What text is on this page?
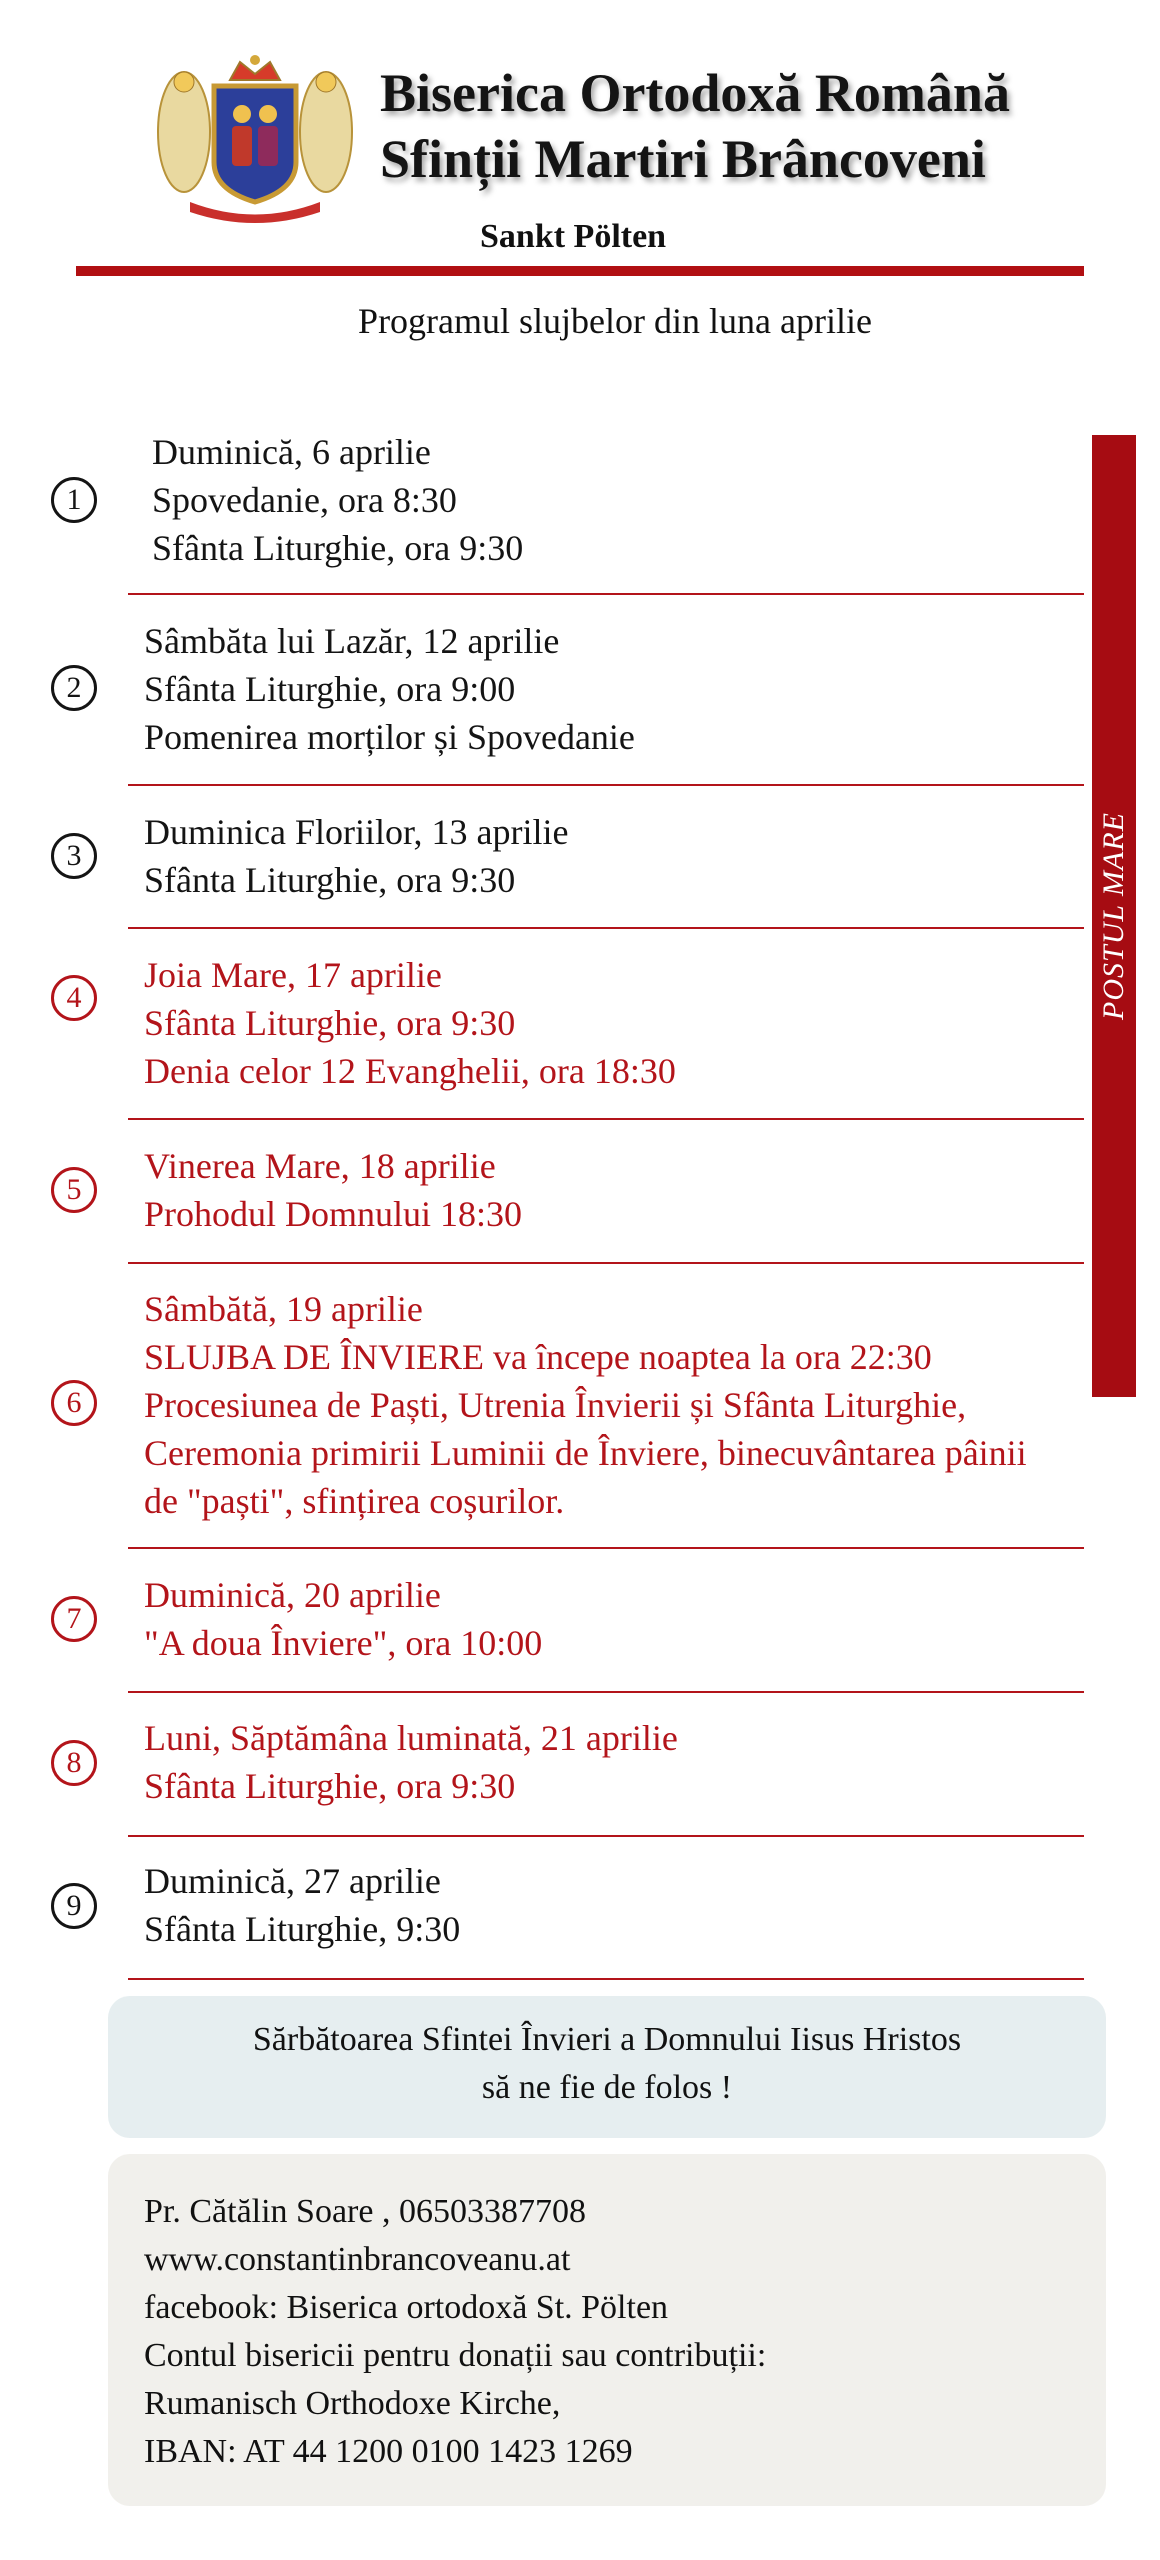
Biserica Ortodoxă Română
Sfinții Martiri Brâncoveni
Sankt Pölten
Programul slujbelor din luna aprilie
POSTUL MARE
1
Duminică, 6 aprilie
Spovedanie, ora 8:30
Sfânta Liturghie, ora 9:30
2
Sâmbăta lui Lazăr, 12 aprilie
Sfânta Liturghie, ora 9:00
Pomenirea morților și Spovedanie
3
Duminica Floriilor, 13 aprilie
Sfânta Liturghie, ora 9:30
4
Joia Mare, 17 aprilie
Sfânta Liturghie, ora 9:30
Denia celor 12 Evanghelii, ora 18:30
5
Vinerea Mare, 18 aprilie
Prohodul Domnului 18:30
6
Sâmbătă, 19 aprilie
SLUJBA DE ÎNVIERE va începe noaptea la ora 22:30
Procesiunea de Paști, Utrenia Învierii și Sfânta Liturghie,
Ceremonia primirii Luminii de Înviere, binecuvântarea pâinii
de "paști", sfințirea coșurilor.
7
Duminică, 20 aprilie
"A doua Înviere", ora 10:00
8
Luni, Săptămâna luminată, 21 aprilie
Sfânta Liturghie, ora 9:30
9
Duminică, 27 aprilie
Sfânta Liturghie, 9:30
Sărbătoarea Sfintei Învieri a Domnului Iisus Hristos
să ne fie de folos !
Pr. Cătălin Soare , 06503387708
www.constantinbrancoveanu.at
facebook: Biserica ortodoxă St. Pölten
Contul bisericii pentru donații sau contribuții:
Rumanisch Orthodoxe Kirche,
IBAN: AT 44 1200 0100 1423 1269
